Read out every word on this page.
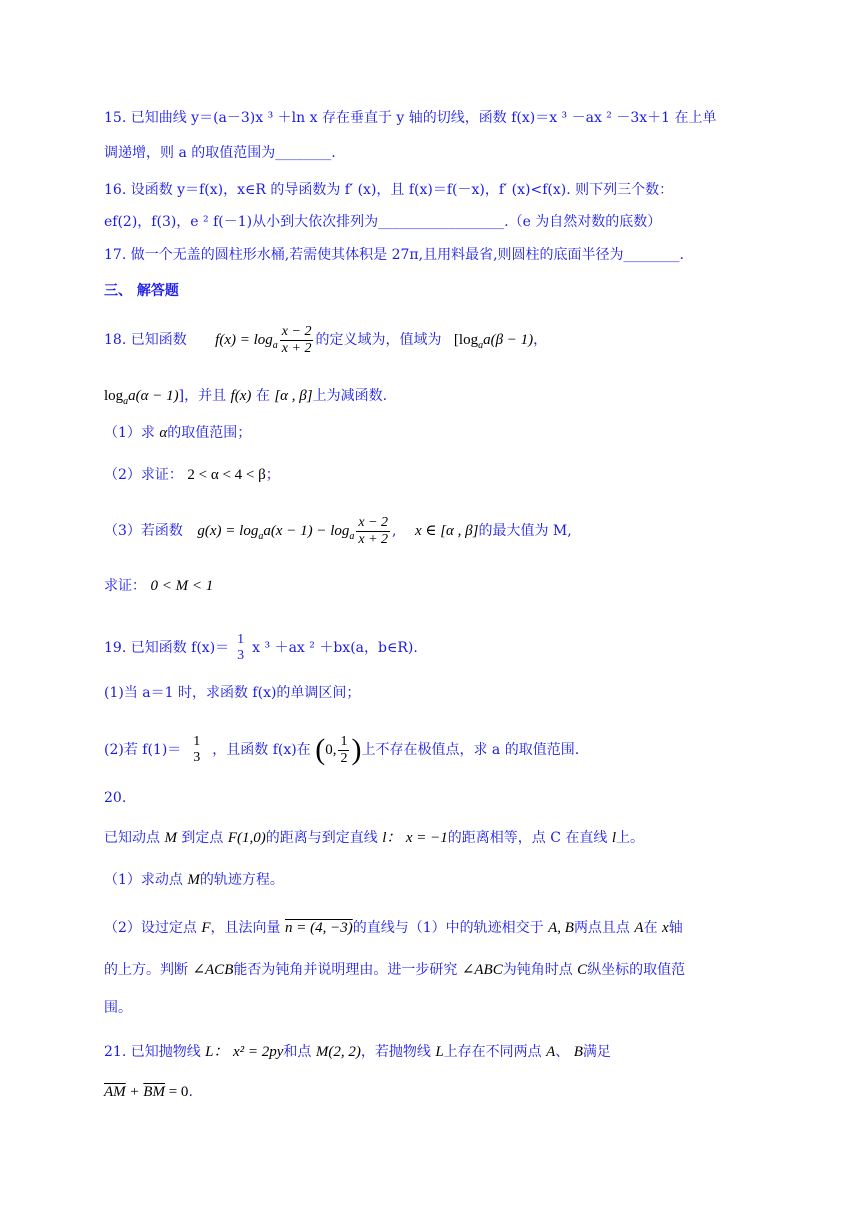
15. 已知曲线 y＝(a－3)x ³ ＋ln x 存在垂直于 y 轴的切线，函数 f(x)＝x ³ －ax ² －3x＋1 在上单
调递增，则 a 的取值范围为________.
16. 设函数 y＝f(x)，x∈R 的导函数为 f′ (x)，且 f(x)＝f(－x)，f′ (x)<f(x). 则下列三个数：
ef(2)，f(3)，e ² f(－1)从小到大依次排列为__________________.（e 为自然对数的底数）
17. 做一个无盖的圆柱形水桶,若需使其体积是 27π,且用料最省,则圆柱的底面半径为________.
三、 解答题
18. 已知函数 $f(x) = \log_a \frac{x - 2}{x + 2}$ 的定义域为，值域为 [$\log_aa(\beta - 1)$，
$\log_aa(\alpha - 1)$]，并且 f(x) 在 [α , β]上为减函数.
（1）求 α的取值范围；
（2）求证： 2 < α < 4 < β；
（3）若函数 $g(x) = \log_aa(x - 1) - \log_a \frac{x - 2}{x + 2}$ , x ∈ [α , β]的最大值为 M,
求证： 0 < M < 1
19. 已知函数 f(x)＝
1
3 x ³ ＋ax ² ＋bx(a，b∈R).
(1)当 a＝1 时，求函数 f(x)的单调区间；
(2)若 f(1)＝
1
3 ，且函数 f(x)在 (0, $\frac{1}{2}$ )上不存在极值点，求 a 的取值范围.
20.
已知动点 M 到定点 F(1,0)的距离与到定直线 l： x = −1的距离相等，点 C 在直线 l上。
（1）求动点 M的轨迹方程。
（2）设过定点 F，且法向量 n = (4, −3)的直线与（1）中的轨迹相交于 A, B两点且点 A在 x轴
的上方。判断 ∠ACB能否为钝角并说明理由。进一步研究 ∠ABC为钝角时点 C纵坐标的取值范
围。
21. 已知抛物线 L： x² = 2py和点 M(2, 2)，若抛物线 L上存在不同两点 A、 B满足
$\overline{AM} + \overline{BM} = 0$.
